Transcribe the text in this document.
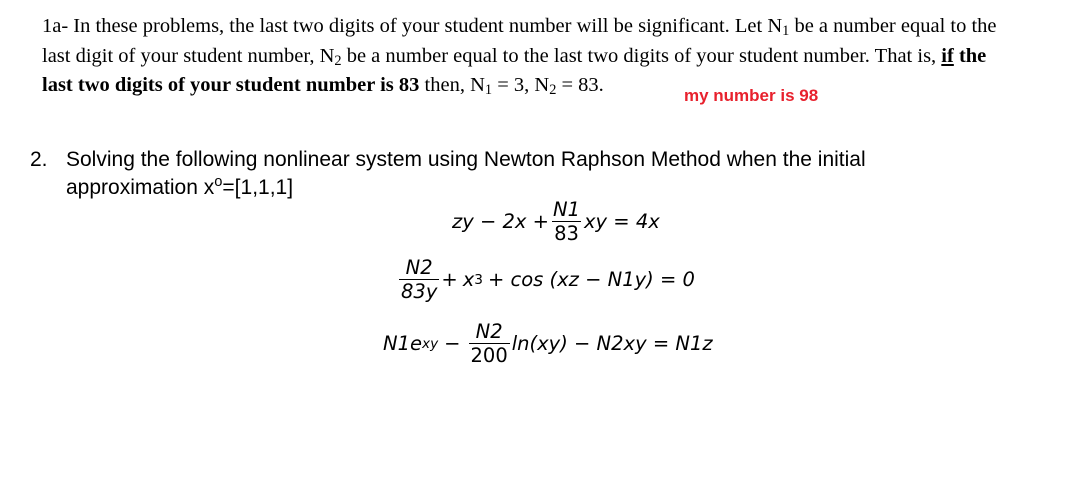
1a- In these problems, the last two digits of your student number will be significant. Let $N_1$ be a number equal to the
last digit of your student number, $N_2$ be a number equal to the last two digits of your student number. That is, if the
last two digits of your student number is 83 then, $N_1 = 3$, $N_2 = 83$.	my number is 98
2. Solving the following nonlinear system using Newton Raphson Method when the initial
approximation $x^o=[1,1,1]$
zy − $2x + \frac{N1}{83}$ xy = 4x
$\frac{N2}{83y} + x$ 3 + cos (xz − N1y) = 0
N1e xy − $\frac{N2}{200} \ln(xy) - N2xy = N1z$
